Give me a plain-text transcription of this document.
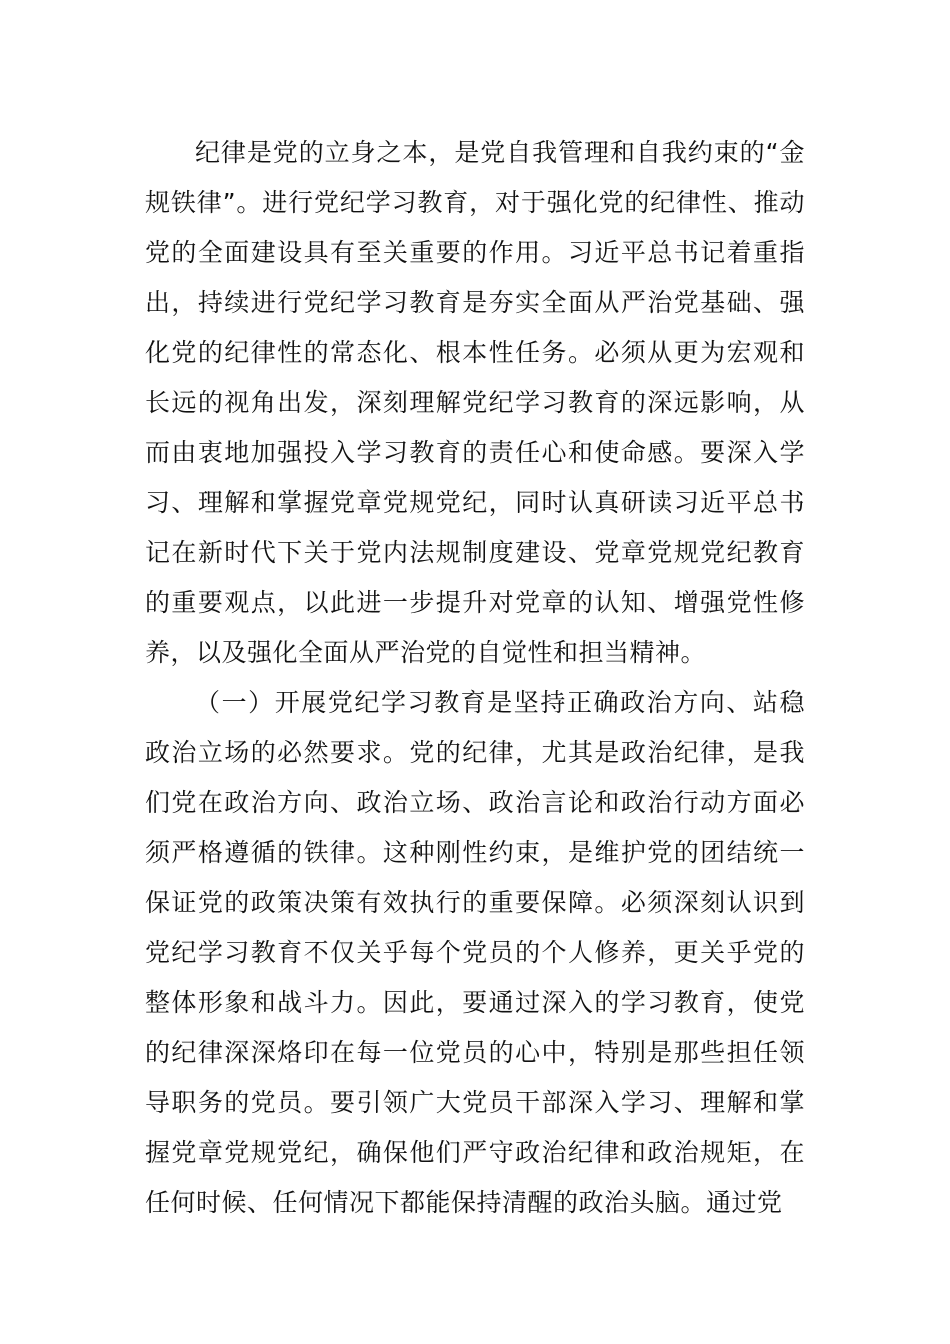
纪律是党的立身之本，是党自我管理和自我约束的“金规铁律”。进行党纪学习教育，对于强化党的纪律性、推动党的全面建设具有至关重要的作用。习近平总书记着重指出，持续进行党纪学习教育是夯实全面从严治党基础、强化党的纪律性的常态化、根本性任务。必须从更为宏观和长远的视角出发，深刻理解党纪学习教育的深远影响，从而由衷地加强投入学习教育的责任心和使命感。要深入学习、理解和掌握党章党规党纪，同时认真研读习近平总书记在新时代下关于党内法规制度建设、党章党规党纪教育的重要观点，以此进一步提升对党章的认知、增强党性修养，以及强化全面从严治党的自觉性和担当精神。

（一）开展党纪学习教育是坚持正确政治方向、站稳政治立场的必然要求。党的纪律，尤其是政治纪律，是我们党在政治方向、政治立场、政治言论和政治行动方面必须严格遵循的铁律。这种刚性约束，是维护党的团结统一保证党的政策决策有效执行的重要保障。必须深刻认识到党纪学习教育不仅关乎每个党员的个人修养，更关乎党的整体形象和战斗力。因此，要通过深入的学习教育，使党的纪律深深烙印在每一位党员的心中，特别是那些担任领导职务的党员。要引领广大党员干部深入学习、理解和掌握党章党规党纪，确保他们严守政治纪律和政治规矩，在任何时候、任何情况下都能保持清醒的政治头脑。通过党
